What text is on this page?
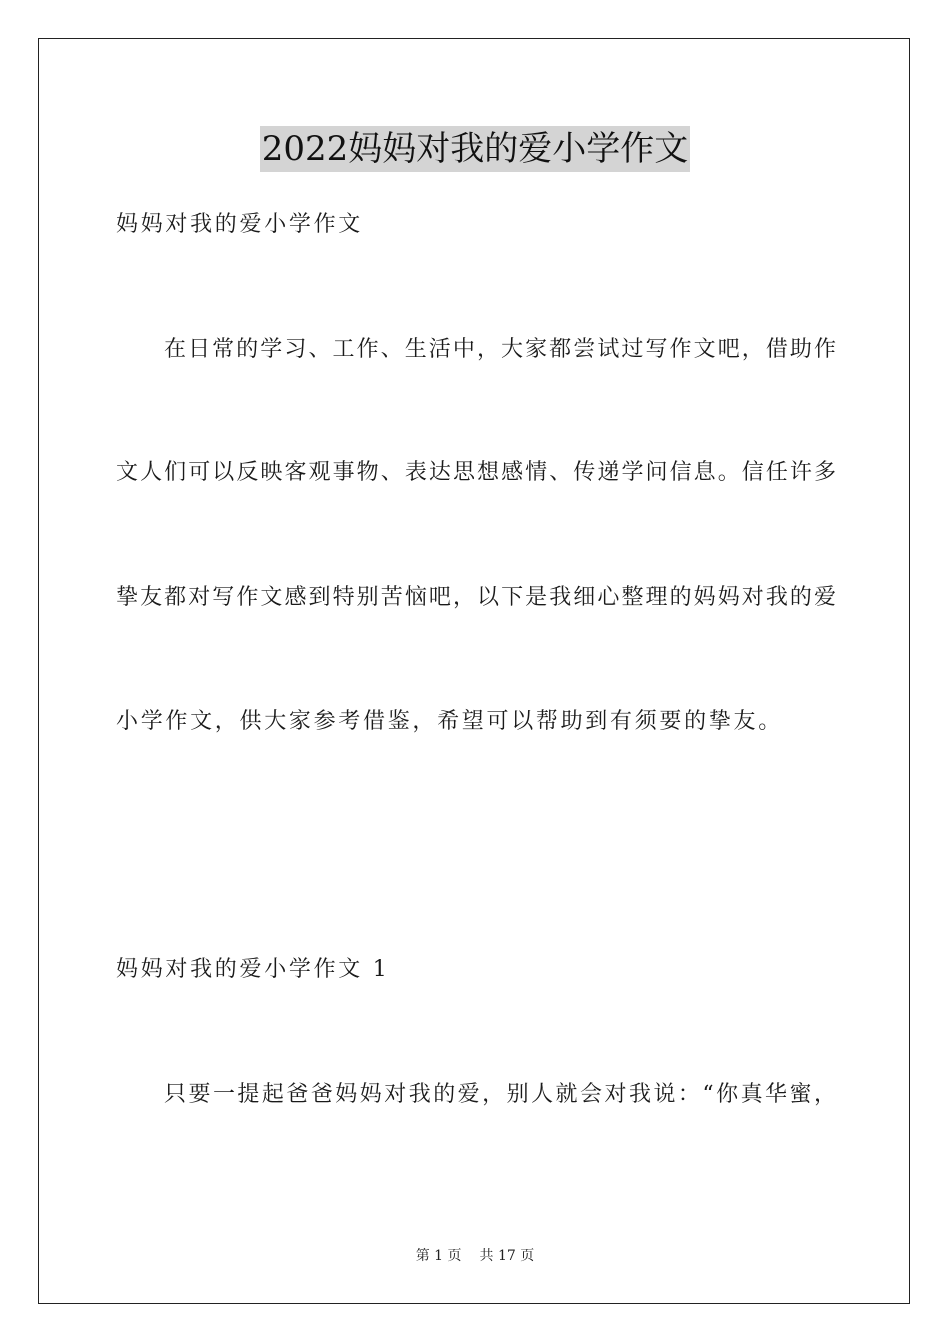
2022妈妈对我的爱小学作文
妈妈对我的爱小学作文
在日常的学习、工作、生活中，大家都尝试过写作文吧，借助作
文人们可以反映客观事物、表达思想感情、传递学问信息。信任许多
挚友都对写作文感到特别苦恼吧，以下是我细心整理的妈妈对我的爱
小学作文，供大家参考借鉴，希望可以帮助到有须要的挚友。
妈妈对我的爱小学作文 1
只要一提起爸爸妈妈对我的爱，别人就会对我说：“你真华蜜，
第 1 页 共 17 页
